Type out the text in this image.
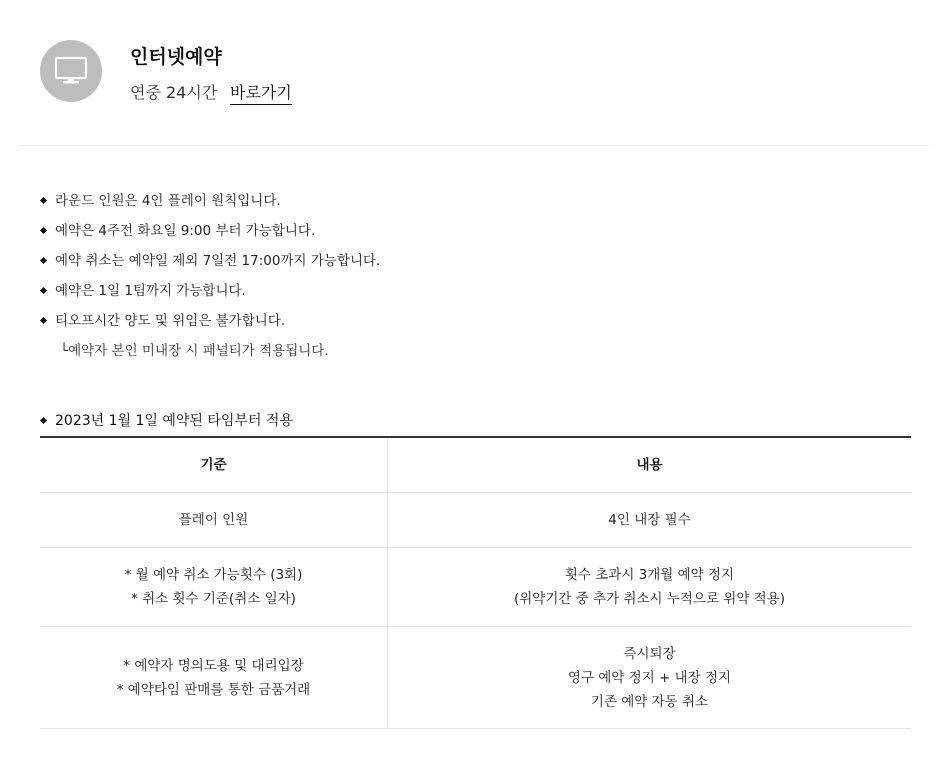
인터넷예약
연중 24시간 바로가기
라운드 인원은 4인 플레이 원칙입니다.
예약은 4주전 화요일 9:00 부터 가능합니다.
예약 취소는 예약일 제외 7일전 17:00까지 가능합니다.
예약은 1일 1팀까지 가능합니다.
티오프시간 양도 및 위임은 불가합니다.
└예약자 본인 미내장 시 패널티가 적용됩니다.
2023년 1월 1일 예약된 타임부터 적용
기준	내용

플레이 인원	4인 내장 필수

* 월 예약 취소 가능횟수 (3회)
* 취소 횟수 기준(취소 일자)	횟수 초과시 3개월 예약 정지
(위약기간 중 추가 취소시 누적으로 위약 적용)

* 예약자 명의도용 및 대리입장
* 예약타임 판매를 통한 금품거래	즉시퇴장
영구 예약 정지 + 내장 정지
기존 예약 자동 취소
